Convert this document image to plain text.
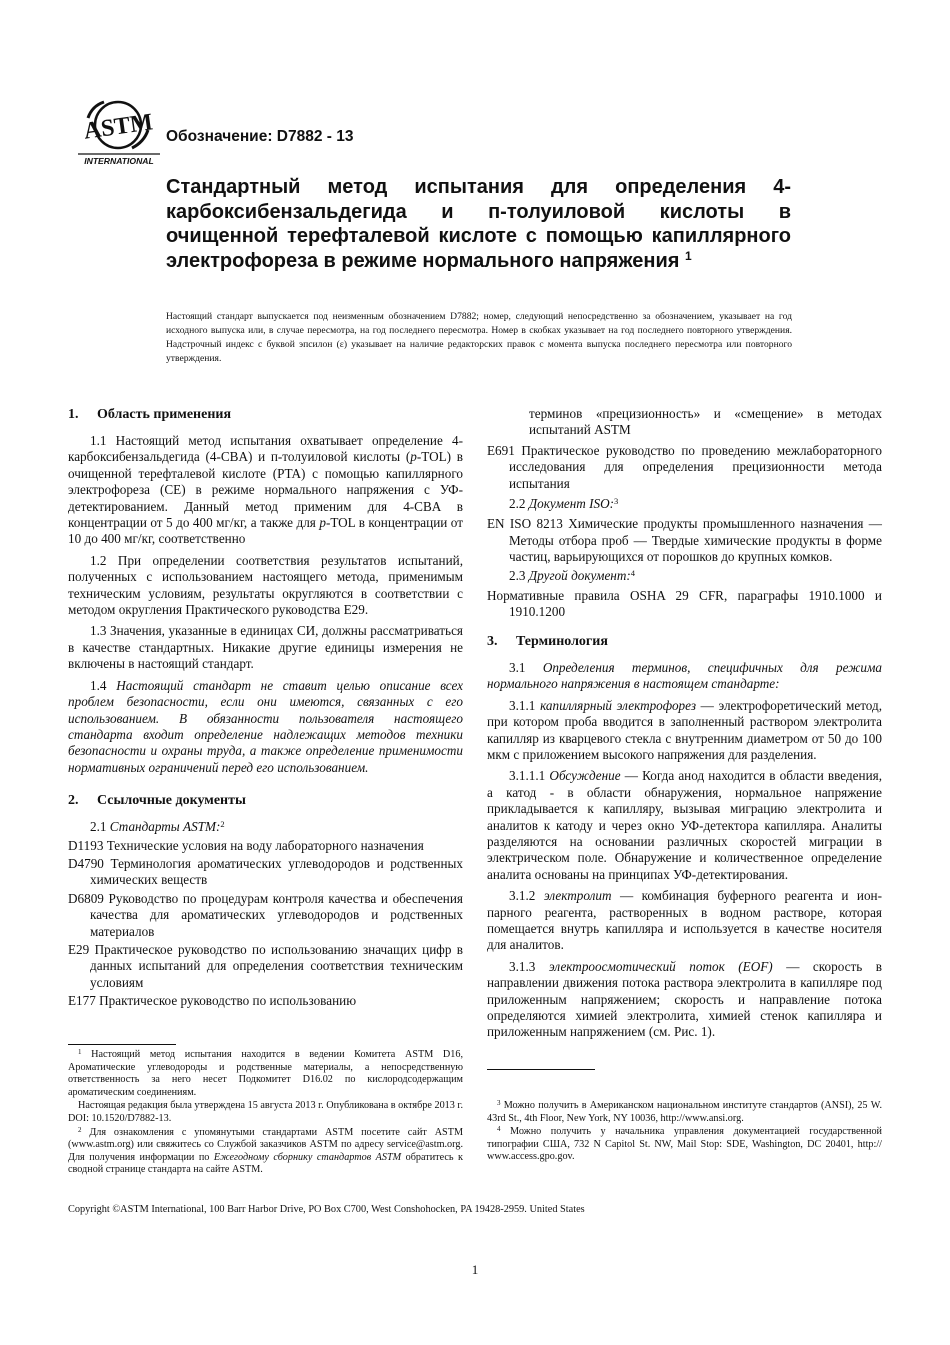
ASTM
INTERNATIONAL
Обозначение: D7882 - 13
Стандартный метод испытания для определения 4-карбоксибензальдегида и п-толуиловой кислоты в очищенной терефталевой кислоте с помощью капиллярного электрофореза в режиме нормального напряжения $^1$
Настоящий стандарт выпускается под неизменным обозначением D7882; номер, следующий непосредственно за обозначением, указывает на год исходного выпуска или, в случае пересмотра, на год последнего пересмотра. Номер в скобках указывает на год последнего повторного утверждения. Надстрочный индекс с буквой эпсилон (ε) указывает на наличие редакторских правок с момента выпуска последнего пересмотра или повторного утверждения.
1. Область применения

1.1 Настоящий метод испытания охватывает определение 4-карбоксибензальдегида (4-CBA) и п-толуиловой кислоты (p-TOL) в очищенной терефталевой кислоте (PTA) с помощью капиллярного электрофореза (CE) в режиме нормального напряжения с УФ-детектированием. Данный метод применим для 4-CBA в концентрации от 5 до 400 мг/кг, а также для p-TOL в концентрации от 10 до 400 мг/кг, соответственно

1.2 При определении соответствия результатов испытаний, полученных с использованием настоящего метода, применимым техническим условиям, результаты округляются в соответствии с методом округления Практического руководства E29.

1.3 Значения, указанные в единицах СИ, должны рассматриваться в качестве стандартных. Никакие другие единицы измерения не включены в настоящий стандарт.

1.4 Настоящий стандарт не ставит целью описание всех проблем безопасности, если они имеются, связанных с его использованием. В обязанности пользователя настоящего стандарта входит определение надлежащих методов техники безопасности и охраны труда, а также определение применимости нормативных ограничений перед его использованием.

2. Ссылочные документы

2.1 Стандарты ASTM:$^2$

D1193 Технические условия на воду лабораторного назначения

D4790 Терминология ароматических углеводородов и родственных химических веществ

D6809 Руководство по процедурам контроля качества и обеспечения качества для ароматических углеводородов и родственных материалов

E29 Практическое руководство по использованию значащих цифр в данных испытаний для определения соответствия техническим условиям

E177 Практическое руководство по использованию

$^1$ Настоящий метод испытания находится в ведении Комитета ASTM D16, Ароматические углеводороды и родственные материалы, а непосредственную ответственность за него несет Подкомитет D16.02 по кислородсодержащим ароматическим соединениям.

Настоящая редакция была утверждена 15 августа 2013 г. Опубликована в октябре 2013 г. DOI: 10.1520/D7882-13.

$^2$ Для ознакомления с упомянутыми стандартами ASTM посетите сайт ASTM (www.astm.org) или свяжитесь со Службой заказчиков ASTM по адресу service@astm.org. Для получения информации по Ежегодному сборнику стандартов ASTM обратитесь к сводной странице стандарта на сайте ASTM.

терминов «прецизионность» и «смещение» в методах испытаний ASTM

E691 Практическое руководство по проведению межлабораторного исследования для определения прецизионности метода испытания

2.2 Документ ISO:$^3$

EN ISO 8213 Химические продукты промышленного назначения — Методы отбора проб — Твердые химические продукты в форме частиц, варьирующихся от порошков до крупных комков.

2.3 Другой документ:$^4$

Нормативные правила OSHA 29 CFR, параграфы 1910.1000 и 1910.1200

3. Терминология

3.1 Определения терминов, специфичных для режима нормального напряжения в настоящем стандарте:

3.1.1 капиллярный электрофорез — электрофоретический метод, при котором проба вводится в заполненный раствором электролита капилляр из кварцевого стекла с внутренним диаметром от 50 до 100 мкм с приложением высокого напряжения для разделения.

3.1.1.1 Обсуждение — Когда анод находится в области введения, а катод - в области обнаружения, нормальное напряжение прикладывается к капилляру, вызывая миграцию электролита и аналитов к катоду и через окно УФ-детектора капилляра. Аналиты разделяются на основании различных скоростей миграции в электрическом поле. Обнаружение и количественное определение аналита основаны на принципах УФ-детектирования.

3.1.2 электролит — комбинация буферного реагента и ион-парного реагента, растворенных в водном растворе, которая помещается внутрь капилляра и используется в качестве носителя для аналитов.

3.1.3 электроосмотический поток (EOF) — скорость в направлении движения потока раствора электролита в капилляре под приложенным напряжением; скорость и направление потока определяются химией электролита, химией стенок капилляра и приложенным напряжением (см. Рис. 1).

$^3$ Можно получить в Американском национальном институте стандартов (ANSI), 25 W. 43rd St., 4th Floor, New York, NY 10036, http://www.ansi.org.

$^4$ Можно получить у начальника управления документацией государственной типографии США, 732 N Capitol St. NW, Mail Stop: SDE, Washington, DC 20401, http:// www.access.gpo.gov.

Copyright ©ASTM International, 100 Barr Harbor Drive, PO Box C700, West Conshohocken, PA 19428-2959. United States
1
